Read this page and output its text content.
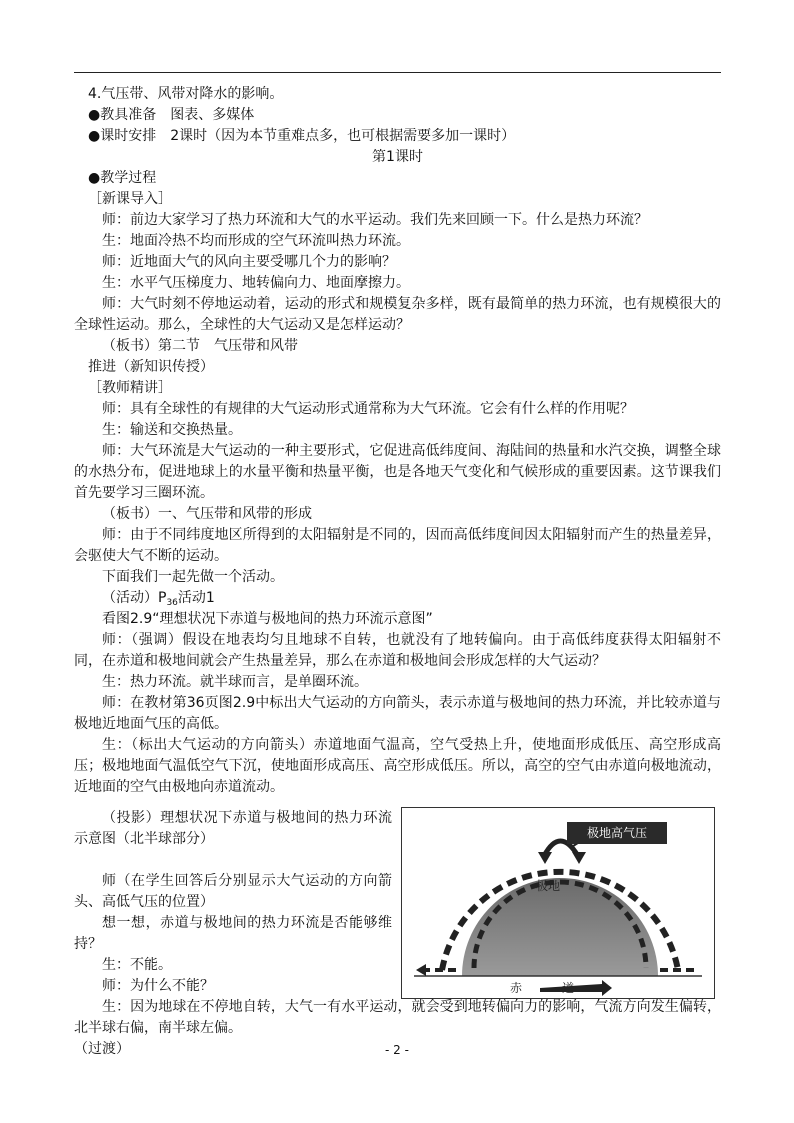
4.气压带、风带对降水的影响。

●教具准备　图表、多媒体

●课时安排　2课时（因为本节重难点多，也可根据需要多加一课时）

第1课时

●教学过程

［新课导入］

师：前边大家学习了热力环流和大气的水平运动。我们先来回顾一下。什么是热力环流？

生：地面冷热不均而形成的空气环流叫热力环流。

师：近地面大气的风向主要受哪几个力的影响？

生：水平气压梯度力、地转偏向力、地面摩擦力。

师：大气时刻不停地运动着，运动的形式和规模复杂多样，既有最简单的热力环流，也有规模很大的全球性运动。那么，全球性的大气运动又是怎样运动？

（板书）第二节　气压带和风带

推进（新知识传授）

［教师精讲］

师：具有全球性的有规律的大气运动形式通常称为大气环流。它会有什么样的作用呢？

生：输送和交换热量。

师：大气环流是大气运动的一种主要形式，它促进高低纬度间、海陆间的热量和水汽交换，调整全球的水热分布，促进地球上的水量平衡和热量平衡，也是各地天气变化和气候形成的重要因素。这节课我们首先要学习三圈环流。

（板书）一、气压带和风带的形成

师：由于不同纬度地区所得到的太阳辐射是不同的，因而高低纬度间因太阳辐射而产生的热量差异，会驱使大气不断的运动。

下面我们一起先做一个活动。

（活动）$P_{36}$活动1

看图2.9“理想状况下赤道与极地间的热力环流示意图”

师：（强调）假设在地表均匀且地球不自转，也就没有了地转偏向。由于高低纬度获得太阳辐射不同，在赤道和极地间就会产生热量差异，那么在赤道和极地间会形成怎样的大气运动？

生：热力环流。就半球而言，是单圈环流。

师：在教材第36页图2.9中标出大气运动的方向箭头，表示赤道与极地间的热力环流，并比较赤道与极地近地面气压的高低。

生：（标出大气运动的方向箭头）赤道地面气温高，空气受热上升，使地面形成低压、高空形成高压；极地地面气温低空气下沉，使地面形成高压、高空形成低压。所以，高空的空气由赤道向极地流动，近地面的空气由极地向赤道流动。

（投影）理想状况下赤道与极地间的热力环流示意图（北半球部分）

师（在学生回答后分别显示大气运动的方向箭头、高低气压的位置）

想一想，赤道与极地间的热力环流是否能够维持？

生：不能。

师：为什么不能？

极地高气压
极地
赤	道

生：因为地球在不停地自转，大气一有水平运动，就会受到地转偏向力的影响，气流方向发生偏转，北半球右偏，南半球左偏。

（过渡）	- 2 -
